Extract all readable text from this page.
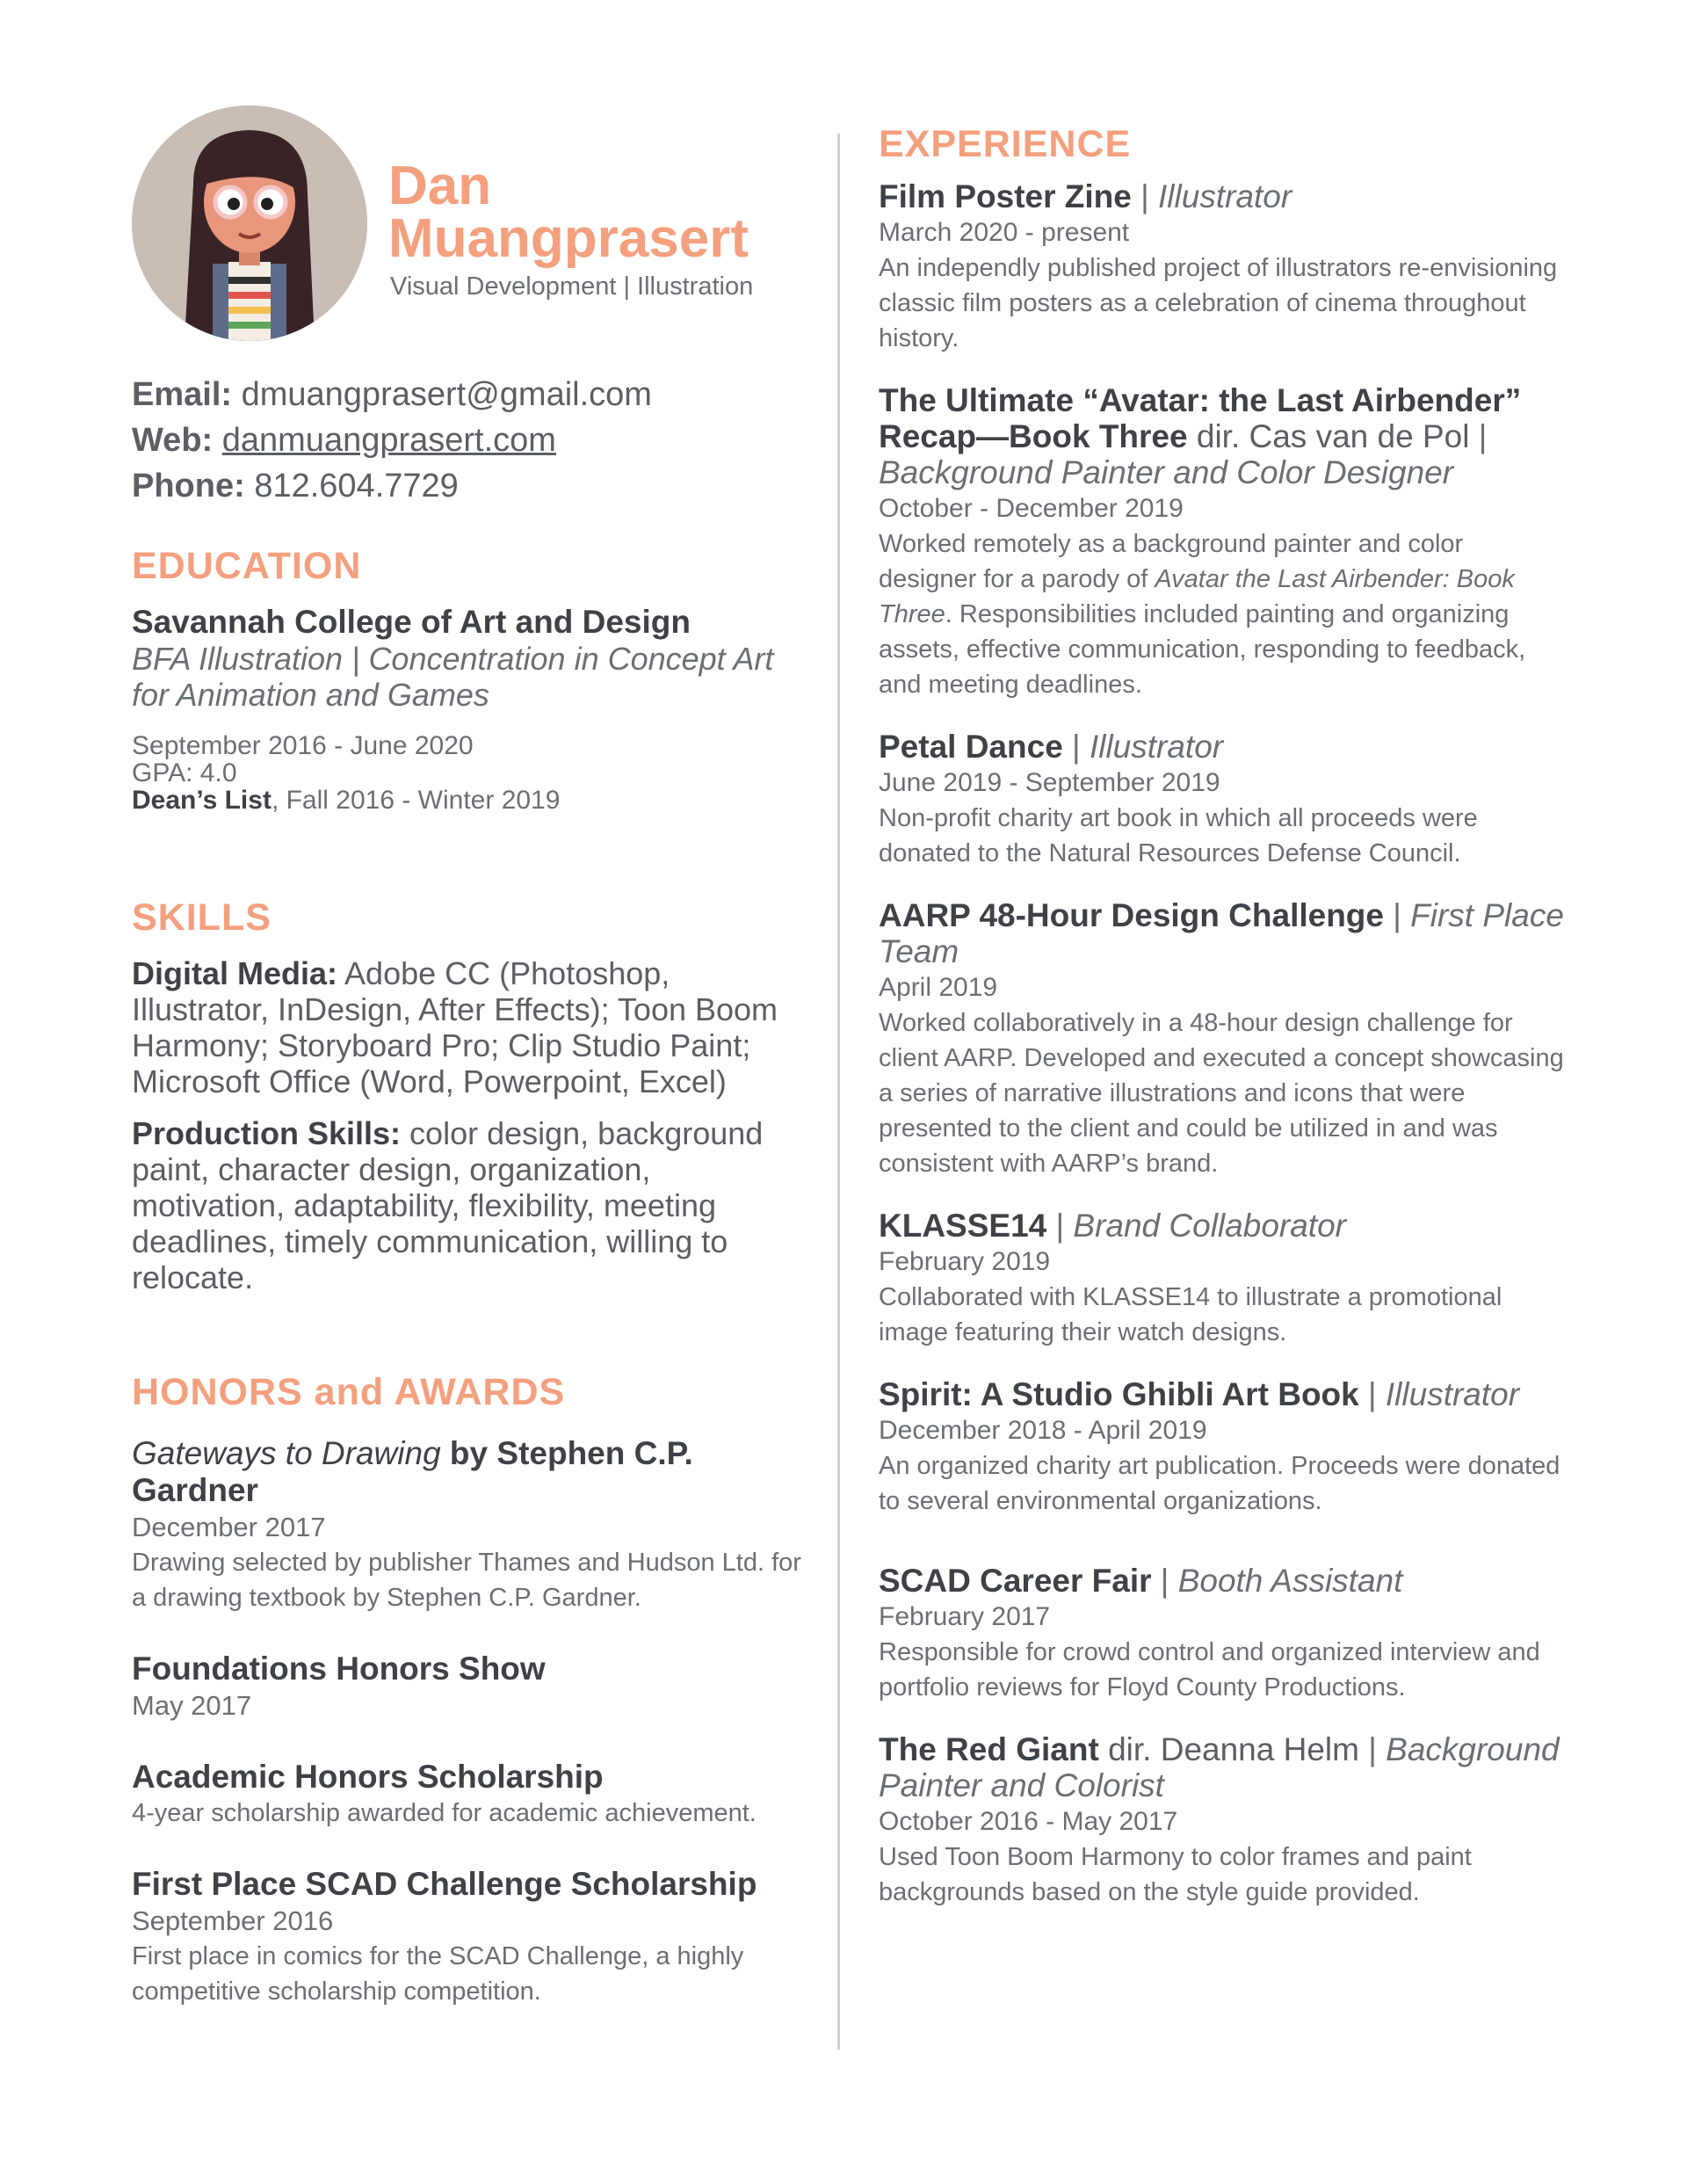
Dan
Muangprasert
Visual Development | Illustration
Email: dmuangprasert@gmail.com
Web: danmuangprasert.com
Phone: 812.604.7729
EDUCATION
Savannah College of Art and Design
BFA Illustration | Concentration in Concept Art for Animation and Games
September 2016 - June 2020
GPA: 4.0
Dean’s List, Fall 2016 - Winter 2019
SKILLS
Digital Media: Adobe CC (Photoshop, Illustrator, InDesign, After Effects); Toon Boom Harmony; Storyboard Pro; Clip Studio Paint; Microsoft Office (Word, Powerpoint, Excel)
Production Skills: color design, background paint, character design, organization, motivation, adaptability, flexibility, meeting deadlines, timely communication, willing to relocate.
HONORS and AWARDS
Gateways to Drawing by Stephen C.P. Gardner
December 2017
Drawing selected by publisher Thames and Hudson Ltd. for a drawing textbook by Stephen C.P. Gardner.
Foundations Honors Show
May 2017
Academic Honors Scholarship
4-year scholarship awarded for academic achievement.
First Place SCAD Challenge Scholarship
September 2016
First place in comics for the SCAD Challenge, a highly competitive scholarship competition.
EXPERIENCE
Film Poster Zine | Illustrator
March 2020 - present
An independly published project of illustrators re-envisioning classic film posters as a celebration of cinema throughout history.
The Ultimate “Avatar: the Last Airbender” Recap—Book Three dir. Cas van de Pol | Background Painter and Color Designer
October - December 2019
Worked remotely as a background painter and color designer for a parody of Avatar the Last Airbender: Book Three. Responsibilities included painting and organizing assets, effective communication, responding to feedback, and meeting deadlines.
Petal Dance | Illustrator
June 2019 - September 2019
Non-profit charity art book in which all proceeds were donated to the Natural Resources Defense Council.
AARP 48-Hour Design Challenge | First Place Team
April 2019
Worked collaboratively in a 48-hour design challenge for client AARP. Developed and executed a concept showcasing a series of narrative illustrations and icons that were presented to the client and could be utilized in and was consistent with AARP’s brand.
KLASSE14 | Brand Collaborator
February 2019
Collaborated with KLASSE14 to illustrate a promotional image featuring their watch designs.
Spirit: A Studio Ghibli Art Book | Illustrator
December 2018 - April 2019
An organized charity art publication. Proceeds were donated to several environmental organizations.
SCAD Career Fair | Booth Assistant
February 2017
Responsible for crowd control and organized interview and portfolio reviews for Floyd County Productions.
The Red Giant dir. Deanna Helm | Background Painter and Colorist
October 2016 - May 2017
Used Toon Boom Harmony to color frames and paint backgrounds based on the style guide provided.
